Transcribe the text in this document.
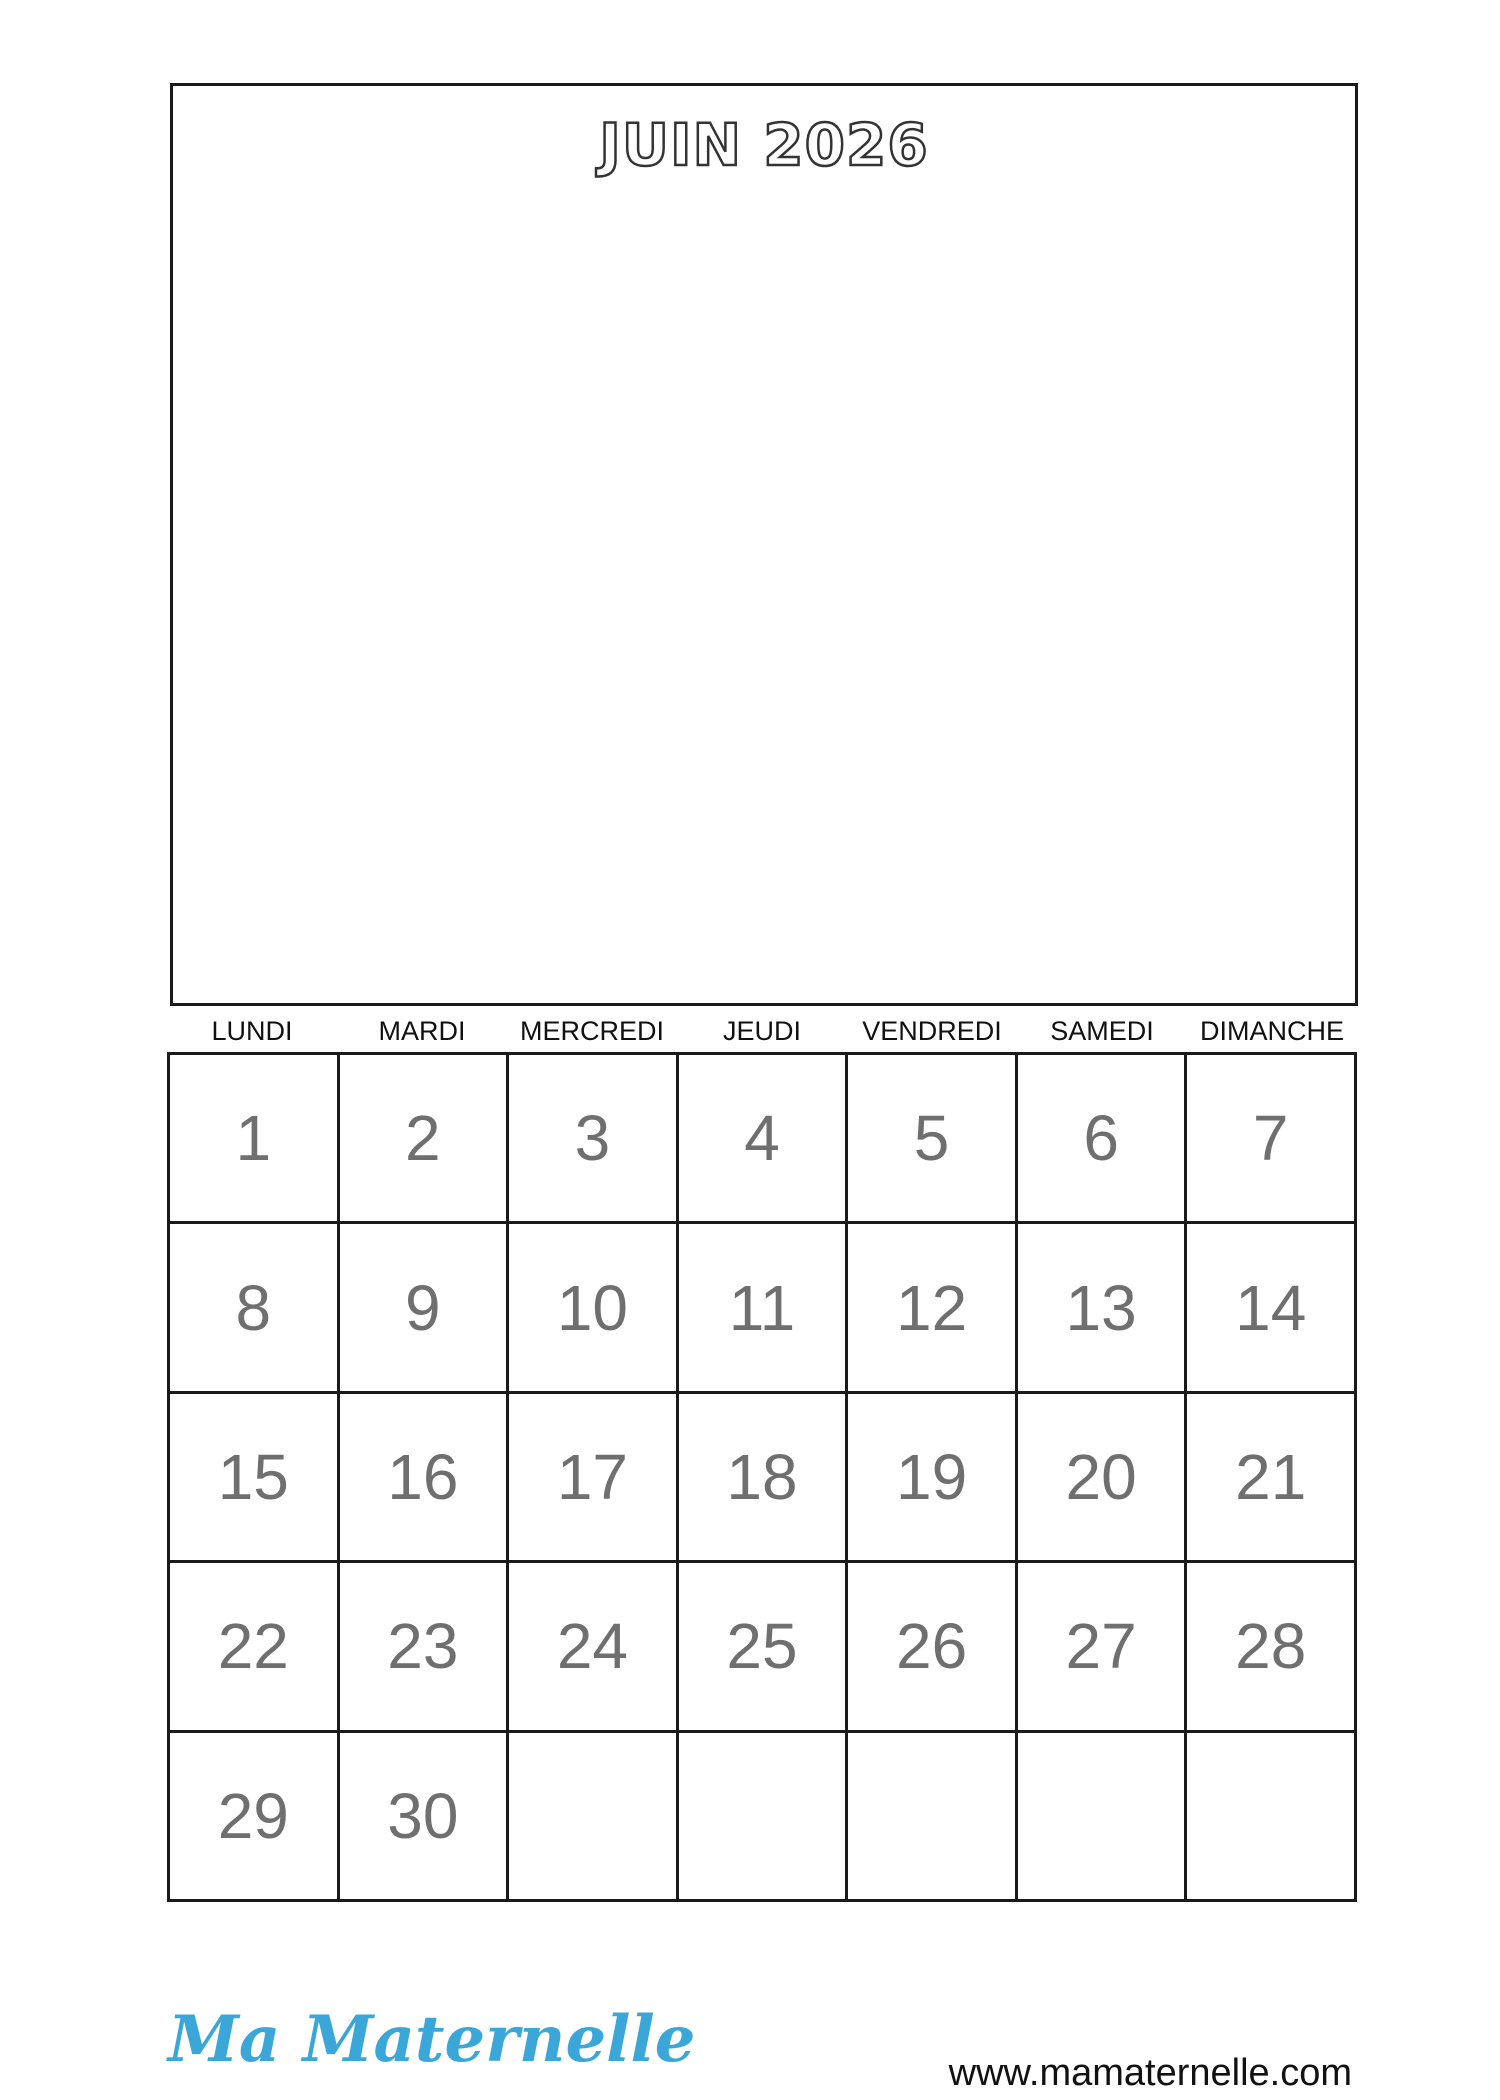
JUIN 2026
LUNDI	MARDI	MERCREDI	JEUDI	VENDREDI	SAMEDI	DIMANCHE
1	2	3	4	5	6	7
8	9	10	11	12	13	14
15	16	17	18	19	20	21
22	23	24	25	26	27	28
29	30
Ma Maternelle	www.mamaternelle.com
